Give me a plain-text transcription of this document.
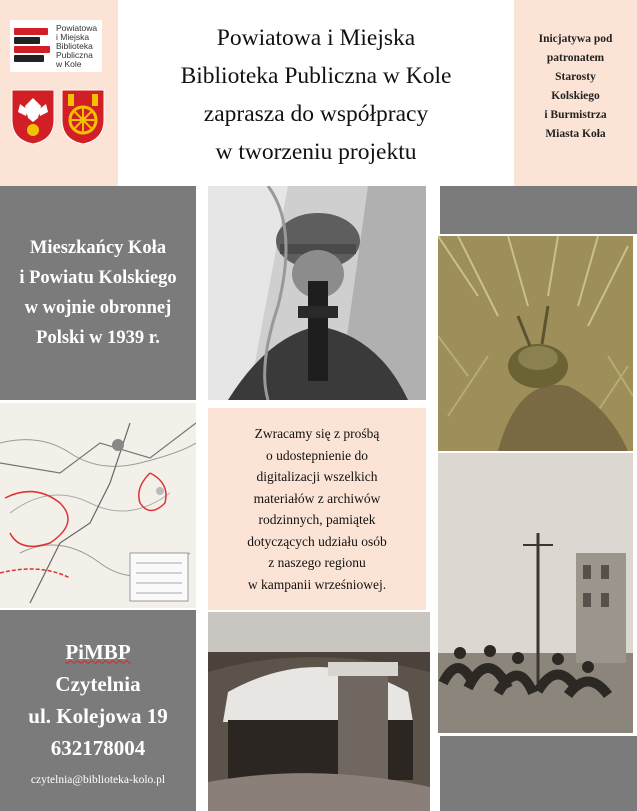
Powiatowa
i Miejska
Biblioteka
Publiczna
w Kole
Powiatowa i Miejska
Biblioteka Publiczna w Kole
zaprasza do współpracy
w tworzeniu projektu
Inicjatywa pod
patronatem
Starosty
Kolskiego
i Burmistrza
Miasta Koła
Mieszkańcy Koła
i Powiatu Kolskiego
w wojnie obronnej
Polski w 1939 r.
PiMBP
Czytelnia
ul. Kolejowa 19
632178004
czytelnia@biblioteka-kolo.pl
Zwracamy się z prośbą
o udostepnienie do
digitalizacji wszelkich
materiałów z archiwów
rodzinnych, pamiątek
dotyczących udziału osób
z naszego regionu
w kampanii wrześniowej.
